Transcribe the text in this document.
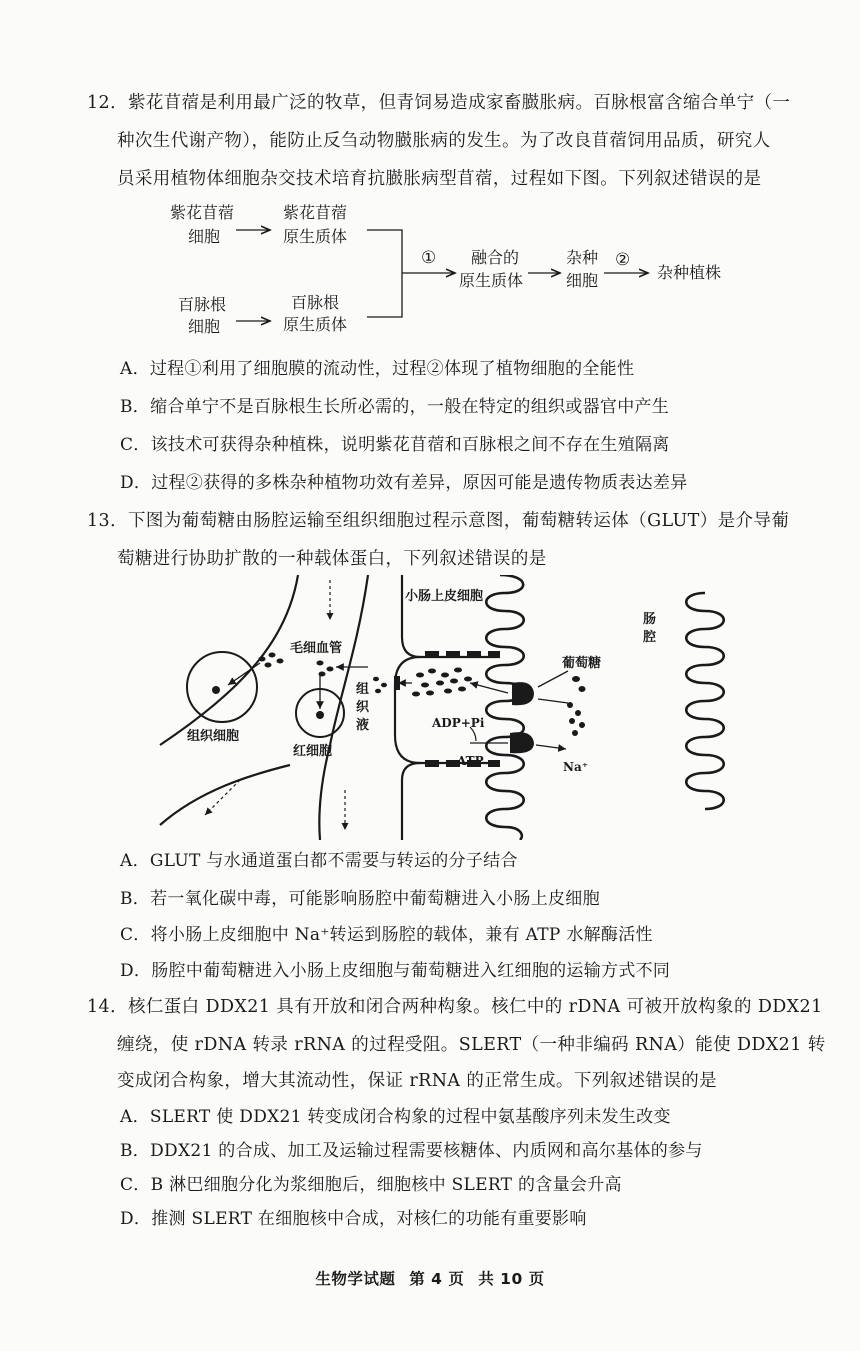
12．紫花苜蓿是利用最广泛的牧草，但青饲易造成家畜臌胀病。百脉根富含缩合单宁（一
种次生代谢产物），能防止反刍动物臌胀病的发生。为了改良苜蓿饲用品质，研究人
员采用植物体细胞杂交技术培育抗臌胀病型苜蓿，过程如下图。下列叙述错误的是
紫花苜蓿
细胞
紫花苜蓿
原生质体
百脉根
细胞
百脉根
原生质体
① 融合的
原生质体
杂种
细胞
②
杂种植株
A．过程①利用了细胞膜的流动性，过程②体现了植物细胞的全能性
B．缩合单宁不是百脉根生长所必需的，一般在特定的组织或器官中产生
C．该技术可获得杂种植株，说明紫花苜蓿和百脉根之间不存在生殖隔离
D．过程②获得的多株杂种植物功效有差异，原因可能是遗传物质表达差异
13．下图为葡萄糖由肠腔运输至组织细胞过程示意图，葡萄糖转运体（GLUT）是介导葡
萄糖进行协助扩散的一种载体蛋白，下列叙述错误的是
毛细血管
组织细胞
红细胞
组
织
液
小肠上皮细胞
ADP+Pi
ATP
葡萄糖
Na⁺
肠
腔
A．GLUT 与水通道蛋白都不需要与转运的分子结合
B．若一氧化碳中毒，可能影响肠腔中葡萄糖进入小肠上皮细胞
C．将小肠上皮细胞中 Na⁺转运到肠腔的载体，兼有 ATP 水解酶活性
D．肠腔中葡萄糖进入小肠上皮细胞与葡萄糖进入红细胞的运输方式不同
14．核仁蛋白 DDX21 具有开放和闭合两种构象。核仁中的 rDNA 可被开放构象的 DDX21
缠绕，使 rDNA 转录 rRNA 的过程受阻。SLERT（一种非编码 RNA）能使 DDX21 转
变成闭合构象，增大其流动性，保证 rRNA 的正常生成。下列叙述错误的是
A．SLERT 使 DDX21 转变成闭合构象的过程中氨基酸序列未发生改变
B．DDX21 的合成、加工及运输过程需要核糖体、内质网和高尔基体的参与
C．B 淋巴细胞分化为浆细胞后，细胞核中 SLERT 的含量会升高
D．推测 SLERT 在细胞核中合成，对核仁的功能有重要影响
生物学试题 第 4 页 共 10 页
